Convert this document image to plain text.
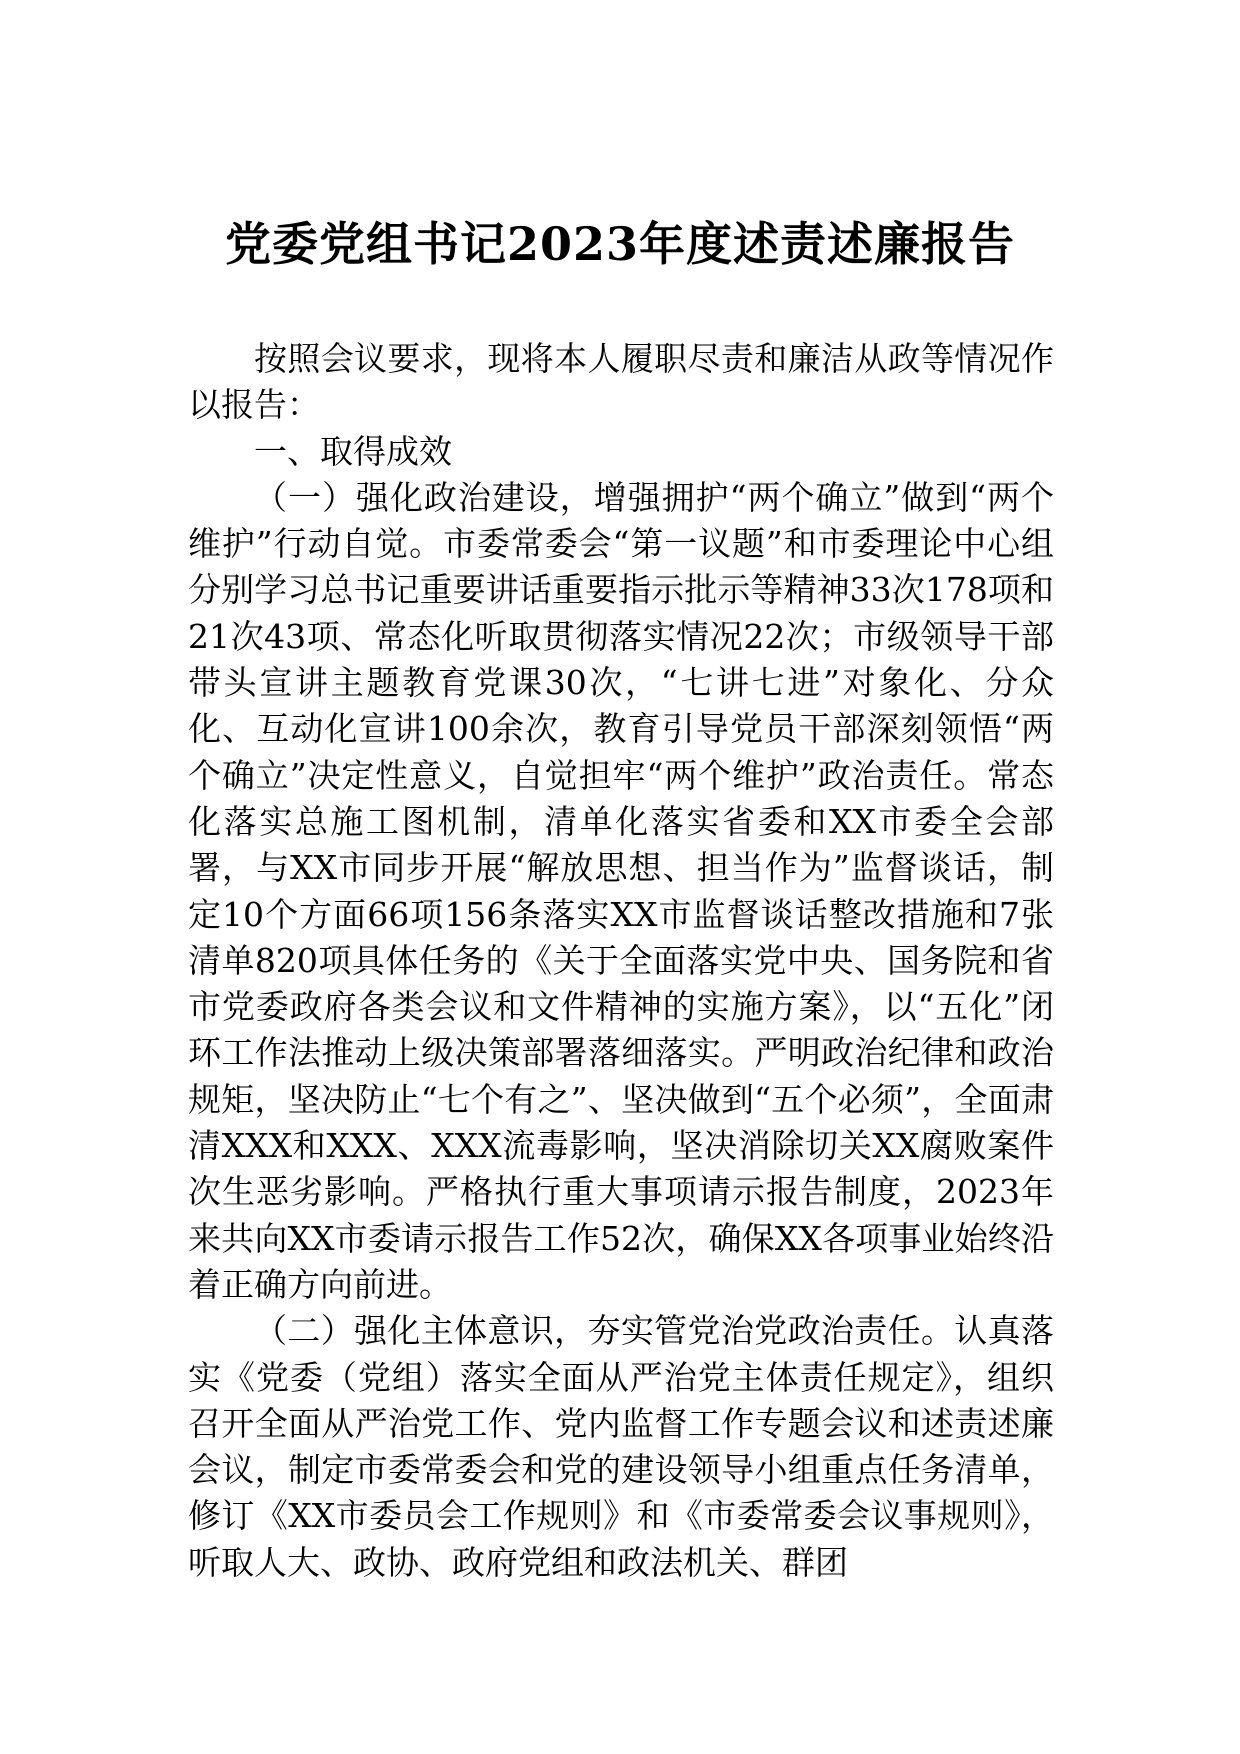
党委党组书记2023年度述责述廉报告

按照会议要求，现将本人履职尽责和廉洁从政等情况作以报告：

一、取得成效

（一）强化政治建设，增强拥护“两个确立”做到“两个维护”行动自觉。市委常委会“第一议题”和市委理论中心组分别学习总书记重要讲话重要指示批示等精神33次178项和21次43项、常态化听取贯彻落实情况22次；市级领导干部带头宣讲主题教育党课30次，“七讲七进”对象化、分众化、互动化宣讲100余次，教育引导党员干部深刻领悟“两个确立”决定性意义，自觉担牢“两个维护”政治责任。常态化落实总施工图机制，清单化落实省委和XX市委全会部署，与XX市同步开展“解放思想、担当作为”监督谈话，制定10个方面66项156条落实XX市监督谈话整改措施和7张清单820项具体任务的《关于全面落实党中央、国务院和省市党委政府各类会议和文件精神的实施方案》，以“五化”闭环工作法推动上级决策部署落细落实。严明政治纪律和政治规矩，坚决防止“七个有之”、坚决做到“五个必须”，全面肃清XXX和XXX、XXX流毒影响，坚决消除切关XX腐败案件次生恶劣影响。严格执行重大事项请示报告制度，2023年来共向XX市委请示报告工作52次，确保XX各项事业始终沿着正确方向前进。

（二）强化主体意识，夯实管党治党政治责任。认真落实《党委（党组）落实全面从严治党主体责任规定》，组织召开全面从严治党工作、党内监督工作专题会议和述责述廉会议，制定市委常委会和党的建设领导小组重点任务清单，修订《XX市委员会工作规则》和《市委常委会议事规则》，听取人大、政协、政府党组和政法机关、群团
